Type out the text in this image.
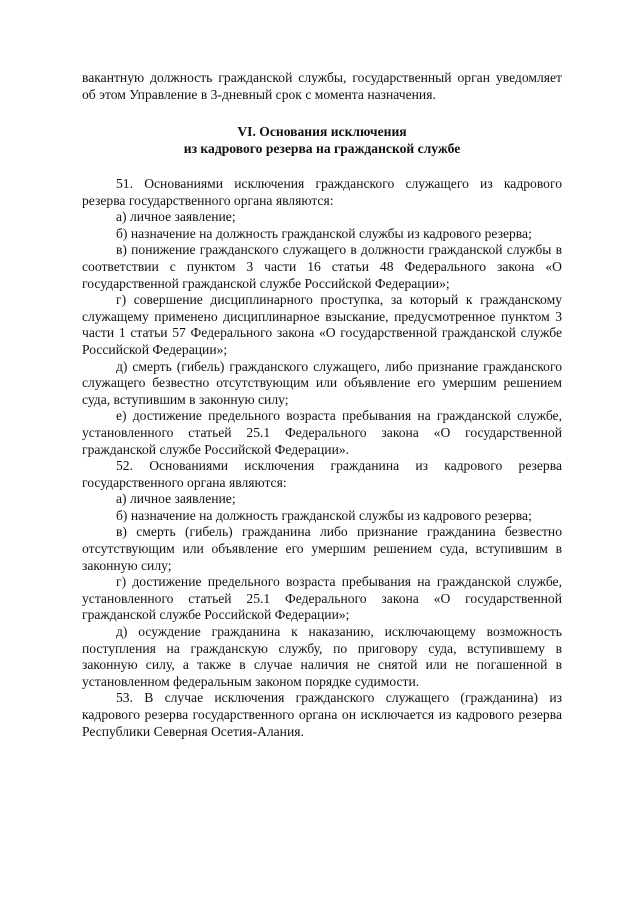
вакантную должность гражданской службы, государственный орган уведомляет об этом Управление в 3-дневный срок с момента назначения.

VI. Основания исключения

из кадрового резерва на гражданской службе

51. Основаниями исключения гражданского служащего из кадрового резерва государственного органа являются:

а) личное заявление;

б) назначение на должность гражданской службы из кадрового резерва;

в) понижение гражданского служащего в должности гражданской службы в соответствии с пунктом 3 части 16 статьи 48 Федерального закона «О государственной гражданской службе Российской Федерации»;

г) совершение дисциплинарного проступка, за который к гражданскому служащему применено дисциплинарное взыскание, предусмотренное пунктом 3 части 1 статьи 57 Федерального закона «О государственной гражданской службе Российской Федерации»;

д) смерть (гибель) гражданского служащего, либо признание гражданского служащего безвестно отсутствующим или объявление его умершим решением суда, вступившим в законную силу;

е) достижение предельного возраста пребывания на гражданской службе, установленного статьей 25.1 Федерального закона «О государственной гражданской службе Российской Федерации».

52. Основаниями исключения гражданина из кадрового резерва государственного органа являются:

а) личное заявление;

б) назначение на должность гражданской службы из кадрового резерва;

в) смерть (гибель) гражданина либо признание гражданина безвестно отсутствующим или объявление его умершим решением суда, вступившим в законную силу;

г) достижение предельного возраста пребывания на гражданской службе, установленного статьей 25.1 Федерального закона «О государственной гражданской службе Российской Федерации»;

д) осуждение гражданина к наказанию, исключающему возможность поступления на гражданскую службу, по приговору суда, вступившему в законную силу, а также в случае наличия не снятой или не погашенной в установленном федеральным законом порядке судимости.

53. В случае исключения гражданского служащего (гражданина) из кадрового резерва государственного органа он исключается из кадрового резерва Республики Северная Осетия-Алания.
